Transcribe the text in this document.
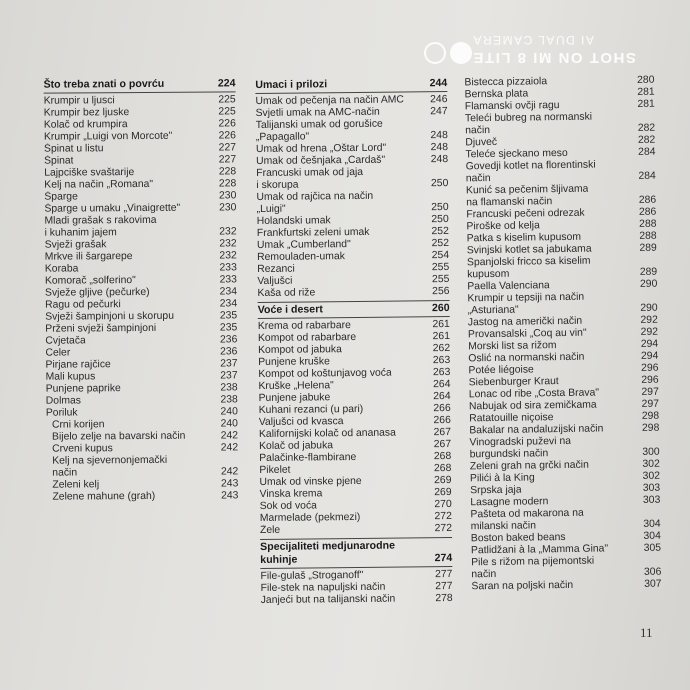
SHOT ON MI 8 LITE
AI DUAL CAMERA
Što treba znati o povrću	224
Krumpir u ljusci	225
Krumpir bez ljuske	225
Kolač od krumpira	226
Krumpir „Luigi von Morcote"	226
Špinat u listu	227
Špinat	227
Lajpciške svaštarije	228
Kelj na način „Romana"	228
Šparge	230
Šparge u umaku „Vinaigrette"	230
Mladi grašak s rakovima
i kuhanim jajem	232
Svježi grašak	232
Mrkve ili šargarepe	232
Koraba	233
Komorač „solferino"	233
Svježe gljive (pečurke)	234
Ragu od pečurki	234
Svježi šampinjoni u skorupu	235
Prženi svježi šampinjoni	235
Cvjetača	236
Celer	236
Pirjane rajčice	237
Mali kupus	237
Punjene paprike	238
Dolmas	238
Poriluk	240
Crni korijen	240
Bijelo zelje na bavarski način	242
Crveni kupus	242
Kelj na sjevernonjemački
način	242
Zeleni kelj	243
Zelene mahune (grah)	243
Umaci i prilozi	244
Umak od pečenja na način AMC	246
Svjetli umak na AMC-način	247
Talijanski umak od gorušice
„Papagallo"	248
Umak od hrena „Oštar Lord"	248
Umak od češnjaka „Čardaš"	248
Francuski umak od jaja
i skorupa	250
Umak od rajčica na način
„Luigi"	250
Holandski umak	250
Frankfurtski zeleni umak	252
Umak „Cumberland"	252
Remouladen-umak	254
Rezanci	255
Valjušci	255
Kaša od riže	256
Voće i desert	260
Krema od rabarbare	261
Kompot od rabarbare	261
Kompot od jabuka	262
Punjene kruške	263
Kompot od koštunjavog voća	263
Kruške „Helena"	264
Punjene jabuke	264
Kuhani rezanci (u pari)	266
Valjušci od kvasca	266
Kalifornijski kolač od ananasa	267
Kolač od jabuka	267
Palačinke-flambirane	268
Pikelet	268
Umak od vinske pjene	269
Vinska krema	269
Sok od voća	270
Marmelade (pekmezi)	272
Želе	272
Specijaliteti medjunarodne
kuhinje	274
File-gulaš „Stroganoff"	277
File-stek na napuljski način	277
Janjeći but na talijanski način	278
Bistecca pizzaiola	280
Bernska plata	281
Flamanski ovčji ragu	281
Teleći bubreg na normanski
način	282
Djuveč	282
Teleće sjeckano meso	284
Govedji kotlet na florentinski
način	284
Kunić sa pečenim šljivama
na flamanski način	286
Francuski pečeni odrezak	286
Piroške od kelja	288
Patka s kiselim kupusom	288
Svinjski kotlet sa jabukama	289
Španjolski fricco sa kiselim
kupusom	289
Paella Valenciana	290
Krumpir u tepsiji na način
„Asturiana"	290
Jastog na američki način	292
Provansalski „Coq au vin"	292
Morski list sa rižom	294
Oslić na normanski način	294
Potée liégoise	296
Siebenburger Kraut	296
Lonac od ribe „Costa Brava"	297
Nabujak od sira zemičkama	297
Ratatouille niçoise	298
Bakalar na andaluzijski način	298
Vinogradski puževi na
burgundski način	300
Zeleni grah na grčki način	302
Pilići à la King	302
Srpska jaja	303
Lasagne modern	303
Pašteta od makarona na
milanski način	304
Boston baked beans	304
Patlidžani à la „Mamma Gina"	305
Pile s rižom na pijemontski
način	306
Šaran na poljski način	307
11
